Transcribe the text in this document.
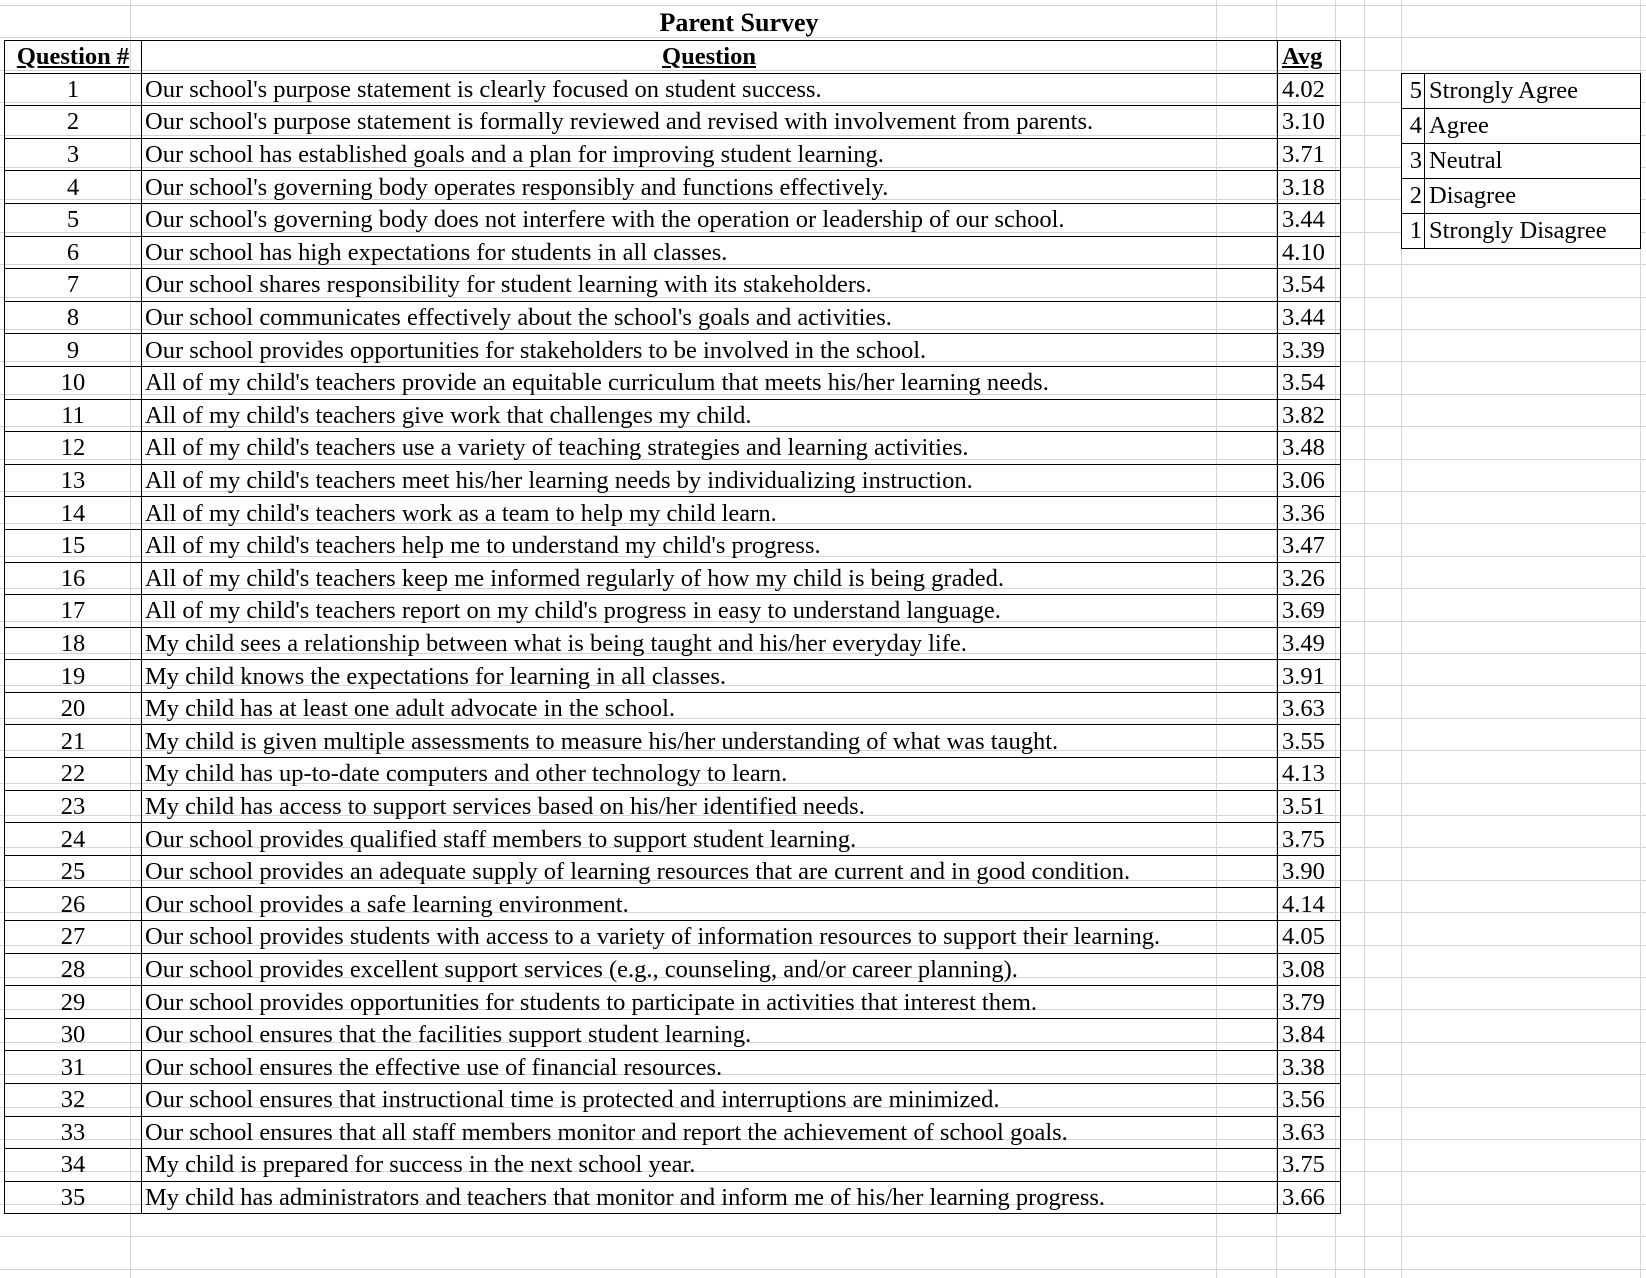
Parent Survey
Question #	Question	Avg
1	Our school's purpose statement is clearly focused on student success.	4.02
2	Our school's purpose statement is formally reviewed and revised with involvement from parents.	3.10
3	Our school has established goals and a plan for improving student learning.	3.71
4	Our school's governing body operates responsibly and functions effectively.	3.18
5	Our school's governing body does not interfere with the operation or leadership of our school.	3.44
6	Our school has high expectations for students in all classes.	4.10
7	Our school shares responsibility for student learning with its stakeholders.	3.54
8	Our school communicates effectively about the school's goals and activities.	3.44
9	Our school provides opportunities for stakeholders to be involved in the school.	3.39
10	All of my child's teachers provide an equitable curriculum that meets his/her learning needs.	3.54
11	All of my child's teachers give work that challenges my child.	3.82
12	All of my child's teachers use a variety of teaching strategies and learning activities.	3.48
13	All of my child's teachers meet his/her learning needs by individualizing instruction.	3.06
14	All of my child's teachers work as a team to help my child learn.	3.36
15	All of my child's teachers help me to understand my child's progress.	3.47
16	All of my child's teachers keep me informed regularly of how my child is being graded.	3.26
17	All of my child's teachers report on my child's progress in easy to understand language.	3.69
18	My child sees a relationship between what is being taught and his/her everyday life.	3.49
19	My child knows the expectations for learning in all classes.	3.91
20	My child has at least one adult advocate in the school.	3.63
21	My child is given multiple assessments to measure his/her understanding of what was taught.	3.55
22	My child has up-to-date computers and other technology to learn.	4.13
23	My child has access to support services based on his/her identified needs.	3.51
24	Our school provides qualified staff members to support student learning.	3.75
25	Our school provides an adequate supply of learning resources that are current and in good condition.	3.90
26	Our school provides a safe learning environment.	4.14
27	Our school provides students with access to a variety of information resources to support their learning.	4.05
28	Our school provides excellent support services (e.g., counseling, and/or career planning).	3.08
29	Our school provides opportunities for students to participate in activities that interest them.	3.79
30	Our school ensures that the facilities support student learning.	3.84
31	Our school ensures the effective use of financial resources.	3.38
32	Our school ensures that instructional time is protected and interruptions are minimized.	3.56
33	Our school ensures that all staff members monitor and report the achievement of school goals.	3.63
34	My child is prepared for success in the next school year.	3.75
35	My child has administrators and teachers that monitor and inform me of his/her learning progress.	3.66
5 Strongly Agree
4 Agree
3 Neutral
2 Disagree
1 Strongly Disagree
